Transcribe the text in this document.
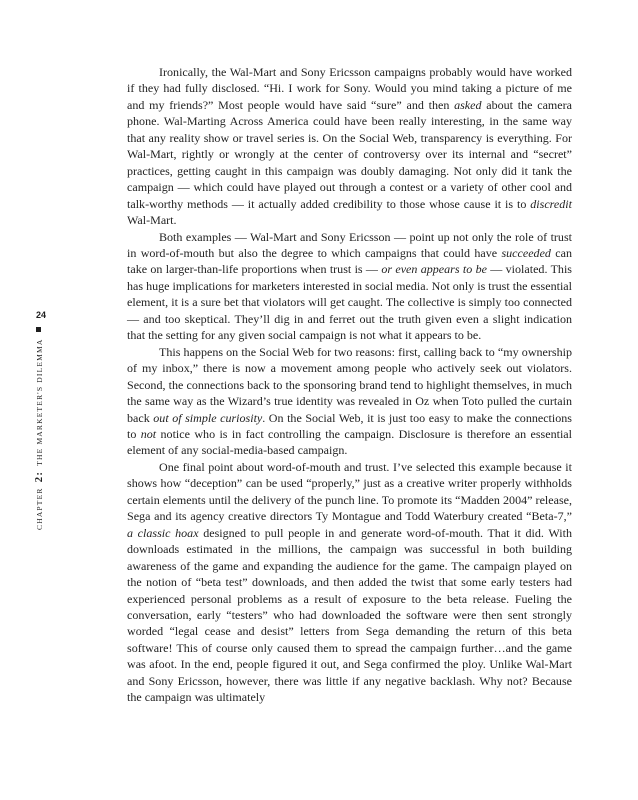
24
CHAPTER 2: THE MARKETER'S DILEMMA

Ironically, the Wal-Mart and Sony Ericsson campaigns probably would have worked if they had fully disclosed. “Hi. I work for Sony. Would you mind taking a picture of me and my friends?” Most people would have said “sure” and then asked about the camera phone. Wal-Marting Across America could have been really interesting, in the same way that any reality show or travel series is. On the Social Web, transparency is everything. For Wal-Mart, rightly or wrongly at the center of controversy over its internal and “secret” practices, getting caught in this campaign was doubly damaging. Not only did it tank the campaign — which could have played out through a contest or a variety of other cool and talk-worthy methods — it actually added credibility to those whose cause it is to discredit Wal-Mart.

Both examples — Wal-Mart and Sony Ericsson — point up not only the role of trust in word-of-mouth but also the degree to which campaigns that could have succeeded can take on larger-than-life proportions when trust is — or even appears to be — violated. This has huge implications for marketers interested in social media. Not only is trust the essential element, it is a sure bet that violators will get caught. The collective is simply too connected — and too skeptical. They’ll dig in and ferret out the truth given even a slight indication that the setting for any given social campaign is not what it appears to be.

This happens on the Social Web for two reasons: first, calling back to “my ownership of my inbox,” there is now a movement among people who actively seek out violators. Second, the connections back to the sponsoring brand tend to highlight themselves, in much the same way as the Wizard’s true identity was revealed in Oz when Toto pulled the curtain back out of simple curiosity. On the Social Web, it is just too easy to make the connections to not notice who is in fact controlling the campaign. Disclosure is therefore an essential element of any social-media-based campaign.

One final point about word-of-mouth and trust. I’ve selected this example because it shows how “deception” can be used “properly,” just as a creative writer properly withholds certain elements until the delivery of the punch line. To promote its “Madden 2004” release, Sega and its agency creative directors Ty Montague and Todd Waterbury created “Beta-7,” a classic hoax designed to pull people in and generate word-of-mouth. That it did. With downloads estimated in the millions, the campaign was successful in both building awareness of the game and expanding the audience for the game. The campaign played on the notion of “beta test” downloads, and then added the twist that some early testers had experienced personal problems as a result of exposure to the beta release. Fueling the conversation, early “testers” who had downloaded the software were then sent strongly worded “legal cease and desist” letters from Sega demanding the return of this beta software! This of course only caused them to spread the campaign further…and the game was afoot. In the end, people figured it out, and Sega confirmed the ploy. Unlike Wal-Mart and Sony Ericsson, however, there was little if any negative backlash. Why not? Because the campaign was ultimately
